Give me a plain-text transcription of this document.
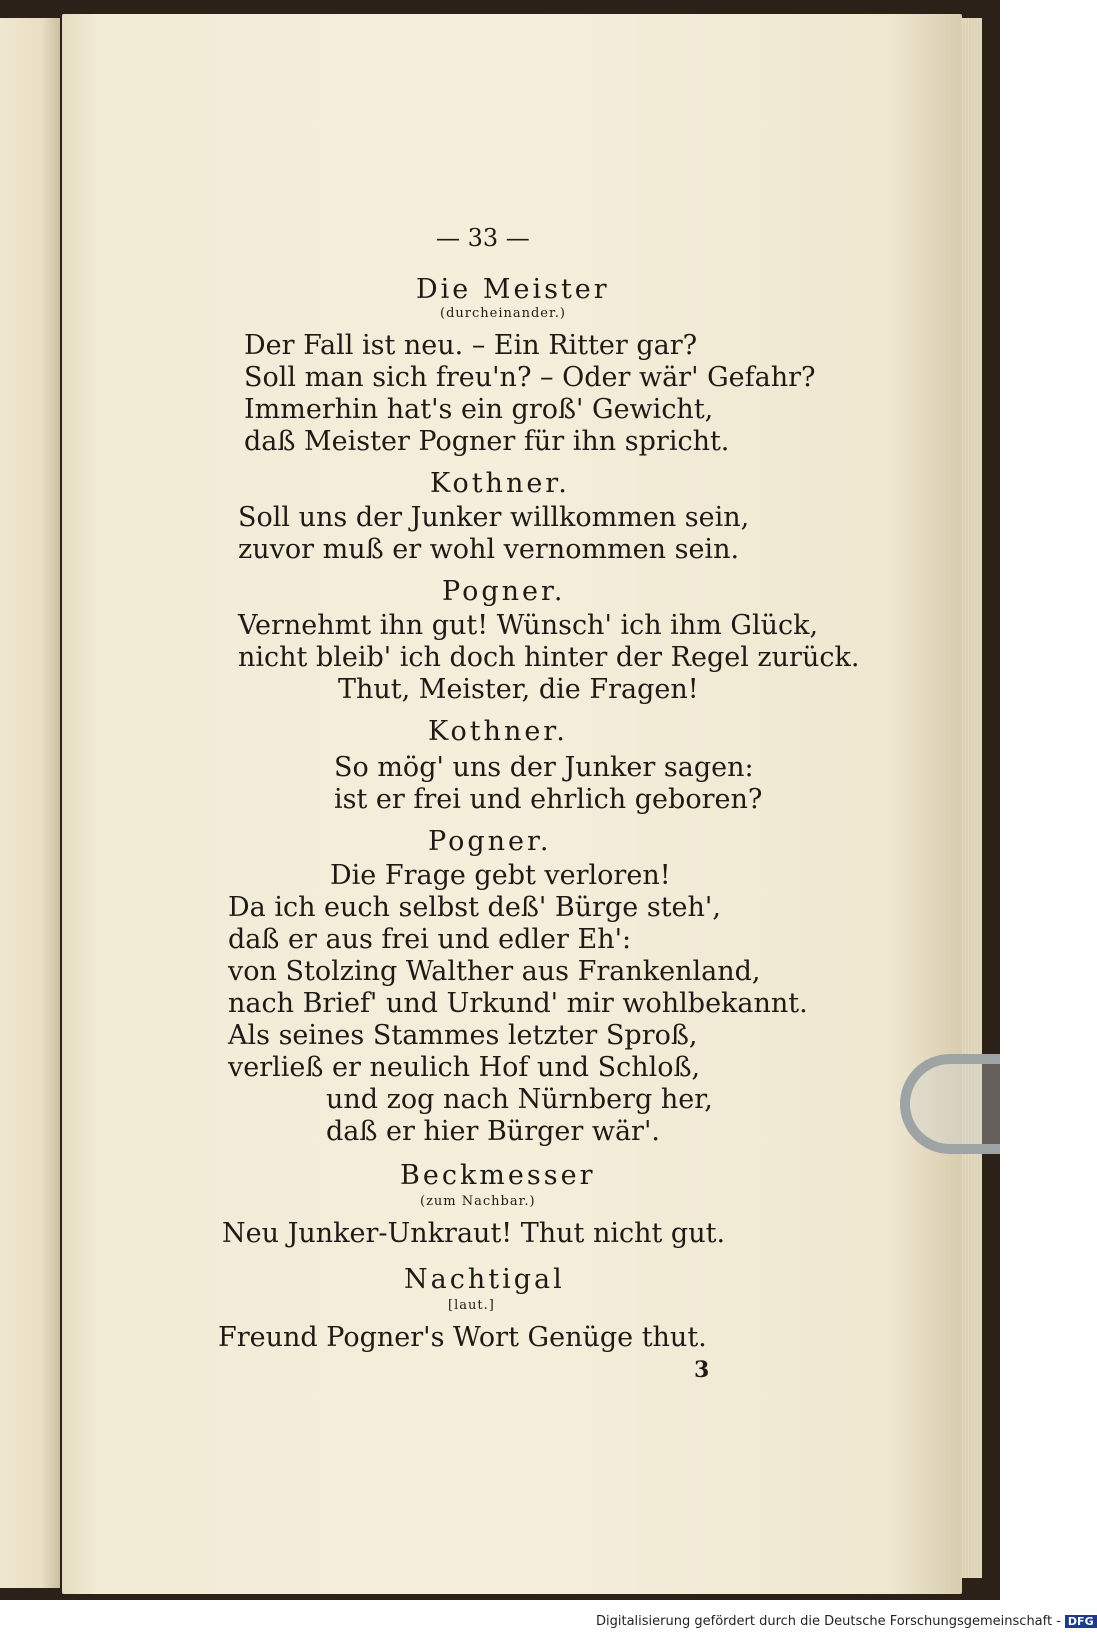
— 33 —
Die Meister
(durcheinander.)
Der Fall ist neu. – Ein Ritter gar?
Soll man sich freu'n? – Oder wär' Gefahr?
Immerhin hat's ein groß' Gewicht,
daß Meister Pogner für ihn spricht.
Kothner.
Soll uns der Junker willkommen sein,
zuvor muß er wohl vernommen sein.
Pogner.
Vernehmt ihn gut! Wünsch' ich ihm Glück,
nicht bleib' ich doch hinter der Regel zurück.
Thut, Meister, die Fragen!
Kothner.
So mög' uns der Junker sagen:
ist er frei und ehrlich geboren?
Pogner.
Die Frage gebt verloren!
Da ich euch selbst deß' Bürge steh',
daß er aus frei und edler Eh':
von Stolzing Walther aus Frankenland,
nach Brief' und Urkund' mir wohlbekannt.
Als seines Stammes letzter Sproß,
verließ er neulich Hof und Schloß,
und zog nach Nürnberg her,
daß er hier Bürger wär'.
Beckmesser
(zum Nachbar.)
Neu Junker-Unkraut! Thut nicht gut.
Nachtigal
[laut.]
Freund Pogner's Wort Genüge thut.
3
Digitalisierung gefördert durch die Deutsche Forschungsgemeinschaft - DFG
